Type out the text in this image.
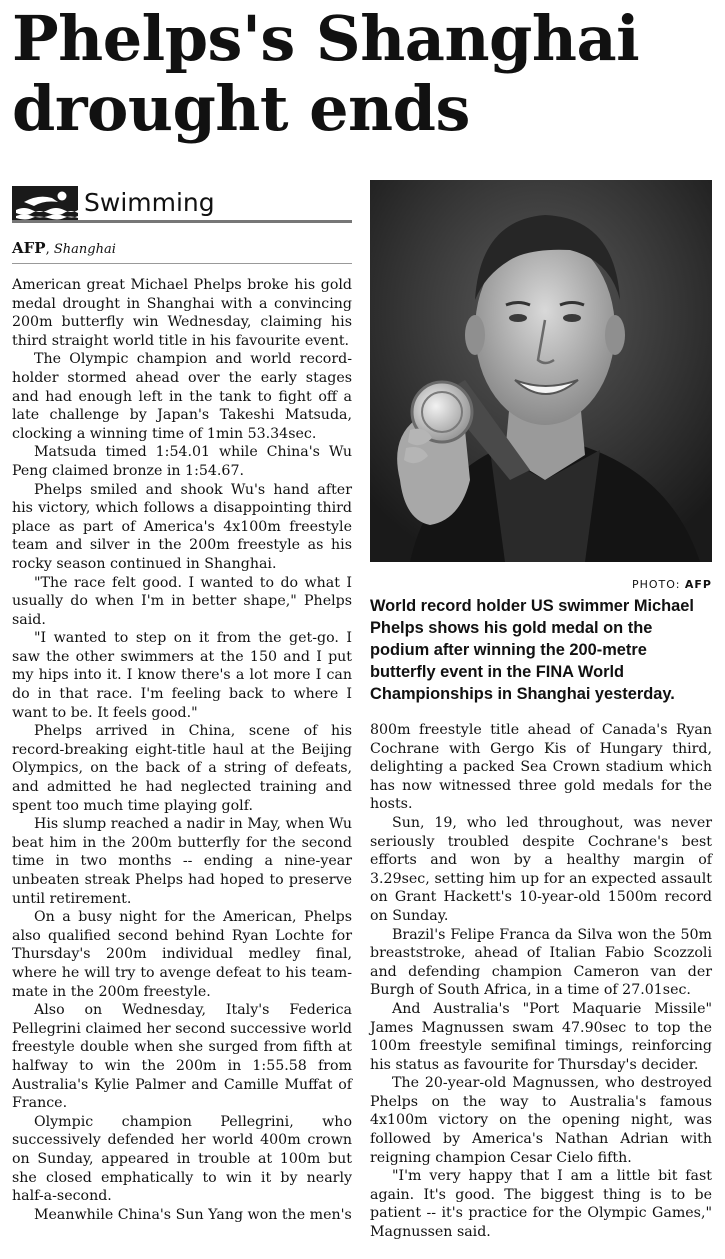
Phelps's Shanghai
drought ends
Swimming
AFP, Shanghai

American great Michael Phelps broke his gold medal drought in Shanghai with a convincing 200m butterfly win Wednesday, claiming his third straight world title in his favourite event.

The Olympic champion and world record-holder stormed ahead over the early stages and had enough left in the tank to fight off a late challenge by Japan's Takeshi Matsuda, clocking a winning time of 1min 53.34sec.

Matsuda timed 1:54.01 while China's Wu Peng claimed bronze in 1:54.67.

Phelps smiled and shook Wu's hand after his victory, which follows a disappointing third place as part of America's 4x100m freestyle team and silver in the 200m freestyle as his rocky season continued in Shanghai.

"The race felt good. I wanted to do what I usually do when I'm in better shape," Phelps said.

"I wanted to step on it from the get-go. I saw the other swimmers at the 150 and I put my hips into it. I know there's a lot more I can do in that race. I'm feeling back to where I want to be. It feels good."

Phelps arrived in China, scene of his record-breaking eight-title haul at the Beijing Olympics, on the back of a string of defeats, and admitted he had neglected training and spent too much time playing golf.

His slump reached a nadir in May, when Wu beat him in the 200m butterfly for the second time in two months -- ending a nine-year unbeaten streak Phelps had hoped to preserve until retirement.

On a busy night for the American, Phelps also qualified second behind Ryan Lochte for Thursday's 200m individual medley final, where he will try to avenge defeat to his team-mate in the 200m freestyle.

Also on Wednesday, Italy's Federica Pellegrini claimed her second successive world freestyle double when she surged from fifth at halfway to win the 200m in 1:55.58 from Australia's Kylie Palmer and Camille Muffat of France.

Olympic champion Pellegrini, who successively defended her world 400m crown on Sunday, appeared in trouble at 100m but she closed emphatically to win it by nearly half-a-second.

Meanwhile China's Sun Yang won the men's

PHOTO: AFP
World record holder US swimmer Michael Phelps shows his gold medal on the podium after winning the 200-metre butterfly event in the FINA World Championships in Shanghai yesterday.

800m freestyle title ahead of Canada's Ryan Cochrane with Gergo Kis of Hungary third, delighting a packed Sea Crown stadium which has now witnessed three gold medals for the hosts.

Sun, 19, who led throughout, was never seriously troubled despite Cochrane's best efforts and won by a healthy margin of 3.29sec, setting him up for an expected assault on Grant Hackett's 10-year-old 1500m record on Sunday.

Brazil's Felipe Franca da Silva won the 50m breaststroke, ahead of Italian Fabio Scozzoli and defending champion Cameron van der Burgh of South Africa, in a time of 27.01sec.

And Australia's "Port Maquarie Missile" James Magnussen swam 47.90sec to top the 100m freestyle semifinal timings, reinforcing his status as favourite for Thursday's decider.

The 20-year-old Magnussen, who destroyed Phelps on the way to Australia's famous 4x100m victory on the opening night, was followed by America's Nathan Adrian with reigning champion Cesar Cielo fifth.

"I'm very happy that I am a little bit fast again. It's good. The biggest thing is to be patient -- it's practice for the Olympic Games," Magnussen said.
